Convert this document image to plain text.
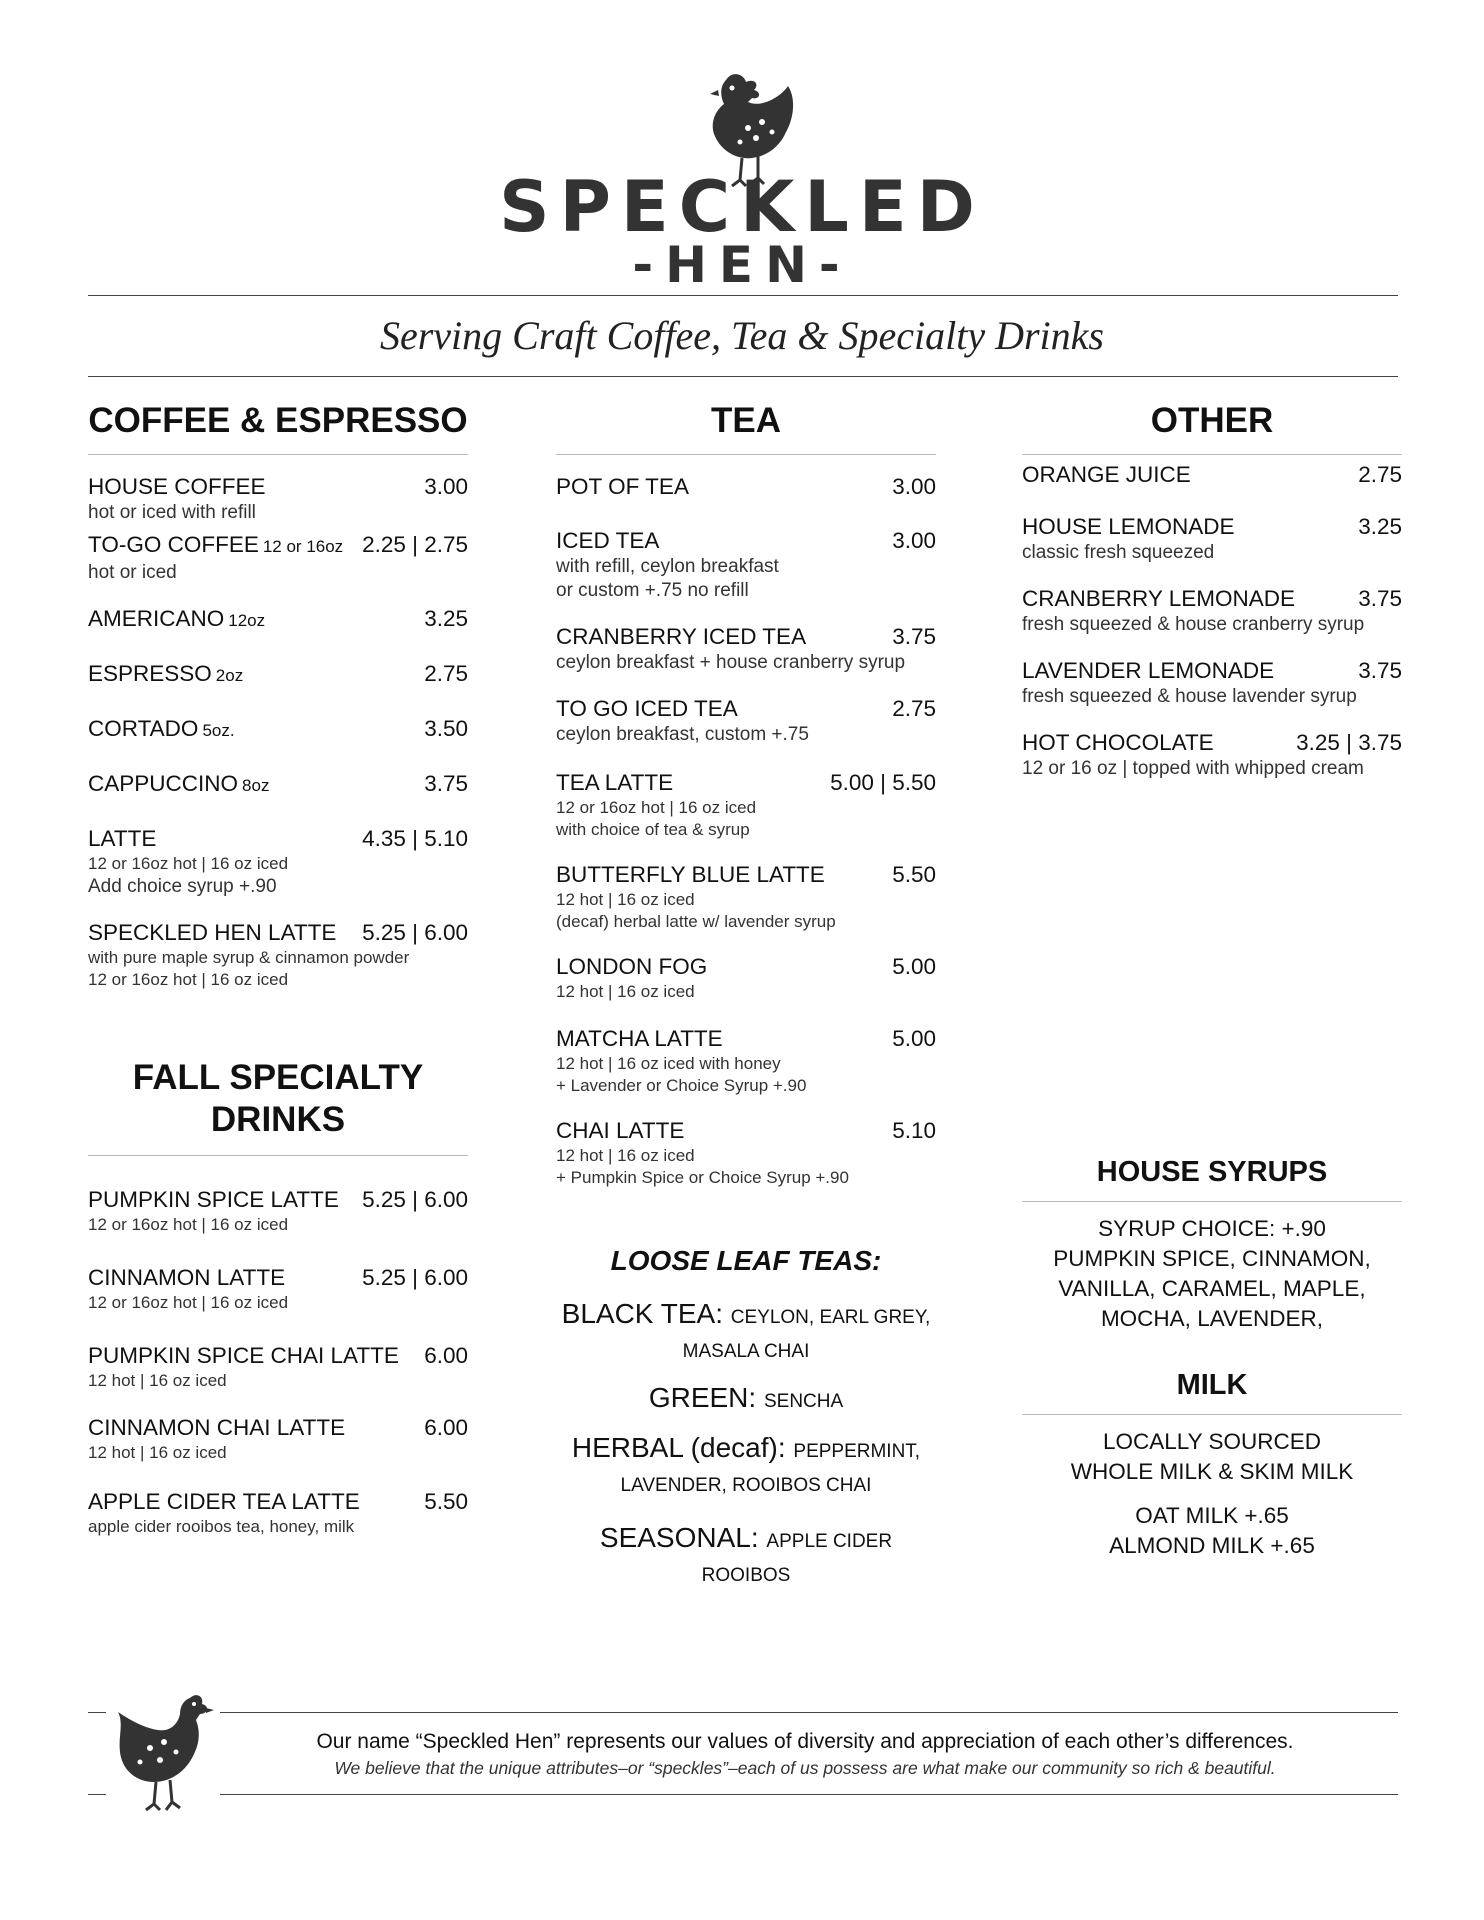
SPECKLED
-HEN-
Serving Craft Coffee, Tea & Specialty Drinks
COFFEE & ESPRESSO
HOUSE COFFEE	3.00
hot or iced with refill
TO-GO COFFEE 12 or 16oz 2.25 | 2.75
hot or iced
AMERICANO 12oz	3.25
ESPRESSO 2oz	2.75
CORTADO 5oz.	3.50
CAPPUCCINO 8oz	3.75
LATTE	4.35 | 5.10
12 or 16oz hot | 16 oz iced
Add choice syrup +.90
SPECKLED HEN LATTE 5.25 | 6.00
with pure maple syrup & cinnamon powder
12 or 16oz hot | 16 oz iced
FALL SPECIALTY
DRINKS
PUMPKIN SPICE LATTE 5.25 | 6.00
12 or 16oz hot | 16 oz iced
CINNAMON LATTE	5.25 | 6.00
12 or 16oz hot | 16 oz iced
PUMPKIN SPICE CHAI LATTE 6.00
12 hot | 16 oz iced
CINNAMON CHAI LATTE	6.00
12 hot | 16 oz iced
APPLE CIDER TEA LATTE	5.50
apple cider rooibos tea, honey, milk
TEA
POT OF TEA	3.00
ICED TEA	3.00
with refill, ceylon breakfast
or custom +.75 no refill
CRANBERRY ICED TEA	3.75
ceylon breakfast + house cranberry syrup
TO GO ICED TEA	2.75
ceylon breakfast, custom +.75
TEA LATTE	5.00 | 5.50
12 or 16oz hot | 16 oz iced
with choice of tea & syrup
BUTTERFLY BLUE LATTE	5.50
12 hot | 16 oz iced
(decaf) herbal latte w/ lavender syrup
LONDON FOG	5.00
12 hot | 16 oz iced
MATCHA LATTE	5.00
12 hot | 16 oz iced with honey
+ Lavender or Choice Syrup +.90
CHAI LATTE	5.10
12 hot | 16 oz iced
+ Pumpkin Spice or Choice Syrup +.90
LOOSE LEAF TEAS:
BLACK TEA: CEYLON, EARL GREY,
MASALA CHAI
GREEN: SENCHA
HERBAL (decaf): PEPPERMINT,
LAVENDER, ROOIBOS CHAI
SEASONAL: APPLE CIDER ROOIBOS
OTHER
ORANGE JUICE	2.75
HOUSE LEMONADE	3.25
classic fresh squeezed
CRANBERRY LEMONADE	3.75
fresh squeezed & house cranberry syrup
LAVENDER LEMONADE	3.75
fresh squeezed & house lavender syrup
HOT CHOCOLATE	3.25 | 3.75
12 or 16 oz | topped with whipped cream
HOUSE SYRUPS
SYRUP CHOICE: +.90
PUMPKIN SPICE, CINNAMON,
VANILLA, CARAMEL, MAPLE,
MOCHA, LAVENDER,
MILK
LOCALLY SOURCED
WHOLE MILK & SKIM MILK
OAT MILK +.65
ALMOND MILK +.65
Our name “Speckled Hen” represents our values of diversity and appreciation of each other’s differences.
We believe that the unique attributes–or “speckles”–each of us possess are what make our community so rich & beautiful.
